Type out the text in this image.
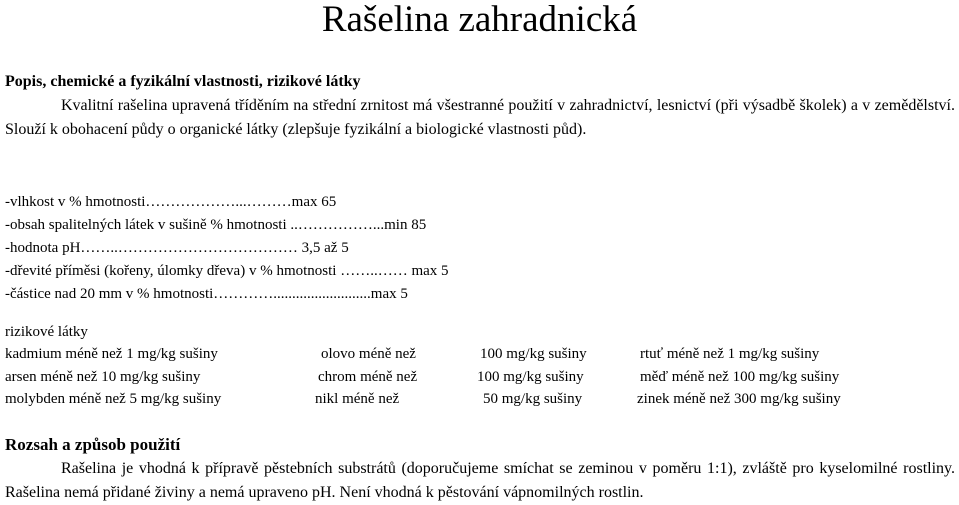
Rašelina zahradnická
Popis, chemické a fyzikální vlastnosti, rizikové látky
Kvalitní rašelina upravená tříděním na střední zrnitost má všestranné použití v zahradnictví, lesnictví (při výsadbě školek) a v zemědělství. Slouží k obohacení půdy o organické látky (zlepšuje fyzikální a biologické vlastnosti půd).
-vlhkost v % hmotnosti………………...………max 65
-obsah spalitelných látek v sušině % hmotnosti ..……………...min 85
-hodnota pH……..……………………………… 3,5 až 5
-dřevité příměsi (kořeny, úlomky dřeva) v % hmotnosti ……..…… max 5
-částice nad 20 mm v % hmotnosti…………..........................max 5
rizikové látky
kadmium méně než 1 mg/kg sušiny	olovo méně než	100 mg/kg sušiny	rtuť méně než 1 mg/kg sušiny
arsen méně než 10 mg/kg sušiny	chrom méně než	100 mg/kg sušiny	měď méně než 100 mg/kg sušiny
molybden méně než 5 mg/kg sušiny	nikl méně než	50 mg/kg sušiny	zinek méně než 300 mg/kg sušiny
Rozsah a způsob použití
Rašelina je vhodná k přípravě pěstebních substrátů (doporučujeme smíchat se zeminou v poměru 1:1), zvláště pro kyselomilné rostliny. Rašelina nemá přidané živiny a nemá upraveno pH. Není vhodná k pěstování vápnomilných rostlin.
